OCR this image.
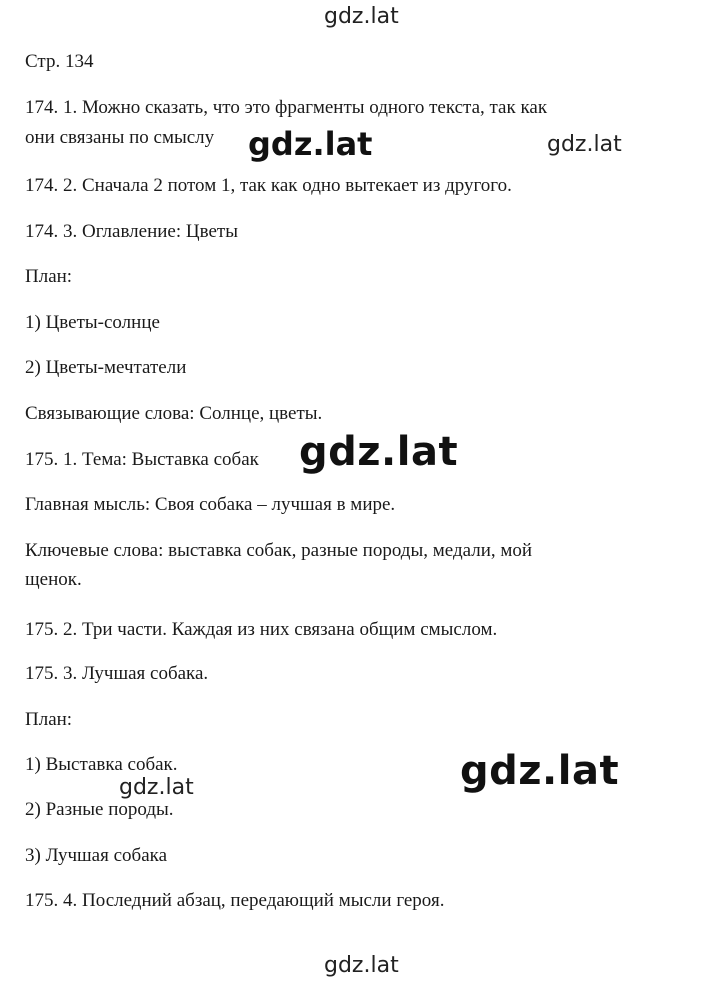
gdz.lat
Стр. 134
174. 1. Можно сказать, что это фрагменты одного текста, так как
они связаны по смыслу
174. 2. Сначала 2 потом 1, так как одно вытекает из другого.
174. 3. Оглавление: Цветы
План:
1) Цветы-солнце
2) Цветы-мечтатели
Связывающие слова: Солнце, цветы.
175. 1. Тема: Выставка собак
Главная мысль: Своя собака – лучшая в мире.
Ключевые слова: выставка собак, разные породы, медали, мой
щенок.
175. 2. Три части. Каждая из них связана общим смыслом.
175. 3. Лучшая собака.
План:
1) Выставка собак.
2) Разные породы.
3) Лучшая собака
175. 4. Последний абзац, передающий мысли героя.
gdz.lat	gdz.lat
gdz.lat
gdz.lat
gdz.lat
gdz.lat
